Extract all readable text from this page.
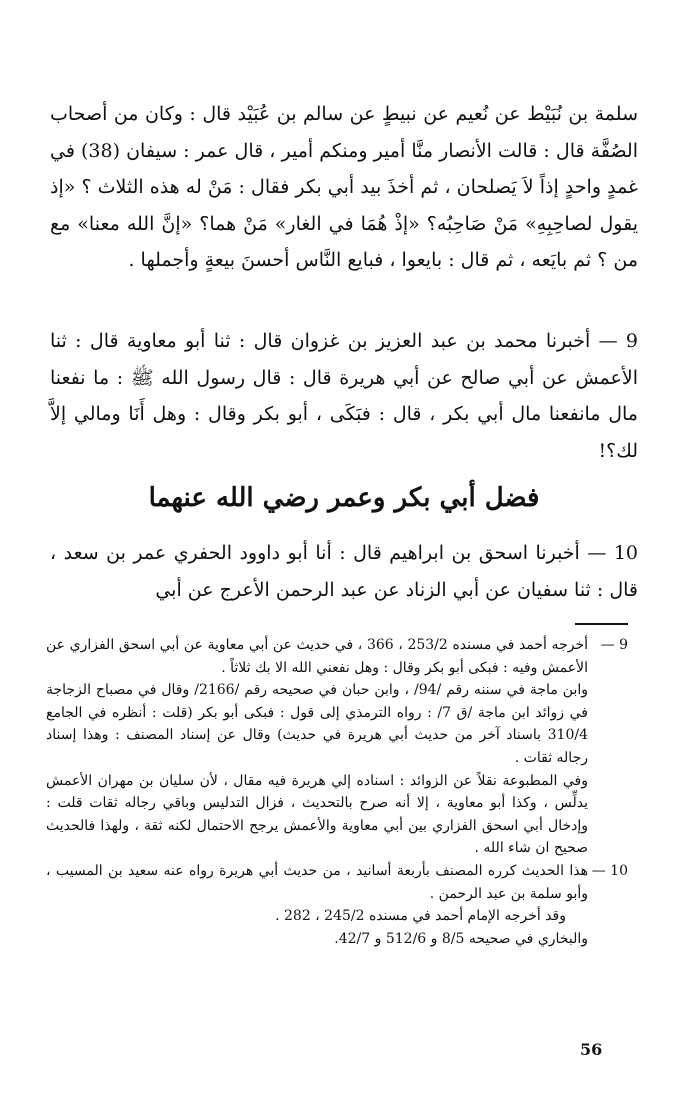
سلمة بن نُبَيْط عن نُعيم عن نبيطٍ عن سالم بن عُبَيْد قال : وكان من أصحاب الصُفَّة قال : قالت الأنصار منَّا أمير ومنكم أمير ، قال عمر : سيفان (38) في غمدٍ واحدٍ إذاً لاَ يَصلحان ، ثم أخذَ بيد أبي بكر فقال : مَنْ له هذه الثلاث ؟ «إذ يقول لصاحِبِهِ» مَنْ صَاحِبُه؟ «إذْ هُمَا في الغار» مَنْ هما؟ «إنَّ الله معنا» مع من ؟ ثم بايَعه ، ثم قال : بايعوا ، فبايع النَّاس أحسنَ بيعةٍ وأجملها .

9 — أخبرنا محمد بن عبد العزيز بن غزوان قال : ثنا أبو معاوية قال : ثنا الأعمش عن أبي صالح عن أبي هريرة قال : قال رسول الله ﷺ : ما نفعنا مال مانفعنا مال أبي بكر ، قال : فبَكَى ، أبو بكر وقال : وهل أَنَا ومالي إلاَّ لك؟!

فضل أبي بكر وعمر رضي الله عنهما

10 — أخبرنا اسحق بن ابراهيم قال : أنا أبو داوود الحفري عمر بن سعد ، قال : ثنا سفيان عن أبي الزناد عن عبد الرحمن الأعرج عن أبي

9 —

أخرجه أحمد في مسنده 253/2 ، 366 ، في حديث عن أبي معاوية عن أبي اسحق الفزاري عن الأعمش وفيه : فبكى أبو بكر وقال : وهل نفعني الله الا بك ثلاثاً .

وابن ماجة في سننه رقم /94/ ، وابن حبان في صحيحه رقم /2166/ وقال في مصباح الزجاجة في زوائد ابن ماجة /ق 7/ : رواه الترمذي إلى قول : فبكى أبو بكر (قلت : أنظره في الجامع 310/4 باسناد آخر من حديث أبي هريرة في حديث) وقال عن إسناد المصنف : وهذا إسناد رجاله ثقات .

وفي المطبوعة نقلاً عن الزوائد : اسناده إلي هريرة فيه مقال ، لأن سليان بن مهران الأعمش يدلِّس ، وكذا أبو معاوية ، إلا أنه صرح بالتحديث ، فزال التدليس وباقي رجاله ثقات قلت : وإدخال أبي اسحق الفزاري بين أبي معاوية والأعمش يرجح الاحتمال لكنه ثقة ، ولهذا فالحديث صحيح ان شاء الله .

10 —

هذا الحديث كرره المصنف بأربعة أسانيد ، من حديث أبي هريرة رواه عنه سعيد بن المسيب ، وأبو سلمة بن عبد الرحمن .

وقد أخرجه الإمام أحمد في مسنده 245/2 ، 282 .

والبخاري في صحيحه 8/5 و 512/6 و 42/7.

56
